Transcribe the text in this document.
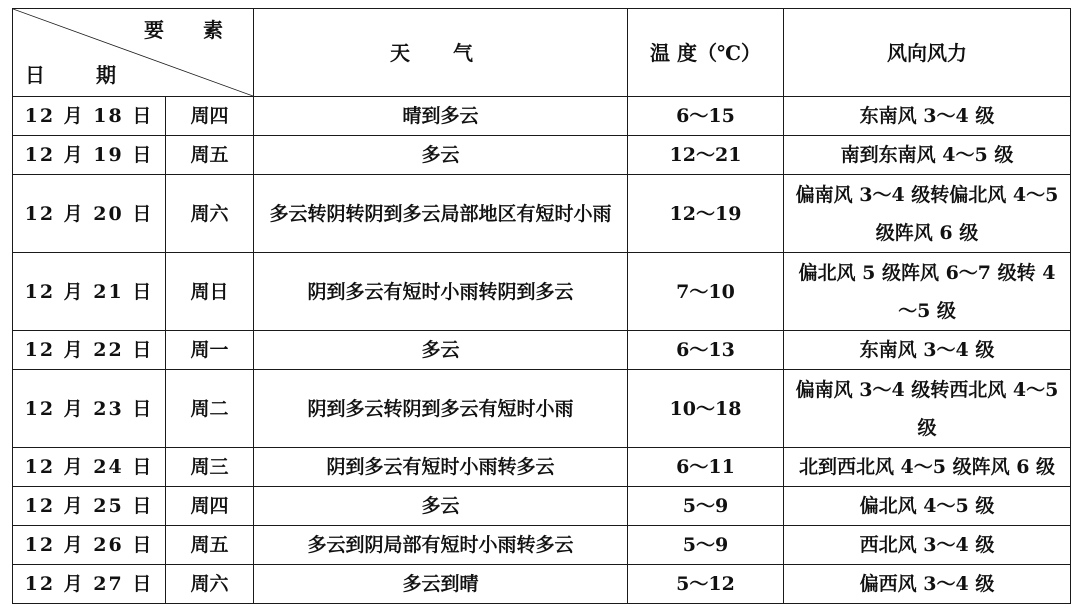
要 素
日 期		天 气	温 度（℃）	风向风力
12 月 18 日	周四	晴到多云	6～15	东南风 3～4 级
12 月 19 日	周五	多云	12～21	南到东南风 4～5 级
12 月 20 日	周六	多云转阴转阴到多云局部地区有短时小雨	12～19	偏南风 3～4 级转偏北风 4～5 级阵风 6 级
12 月 21 日	周日	阴到多云有短时小雨转阴到多云	7～10	偏北风 5 级阵风 6～7 级转 4～5 级
12 月 22 日	周一	多云	6～13	东南风 3～4 级
12 月 23 日	周二	阴到多云转阴到多云有短时小雨	10～18	偏南风 3～4 级转西北风 4～5 级
12 月 24 日	周三	阴到多云有短时小雨转多云	6～11	北到西北风 4～5 级阵风 6 级
12 月 25 日	周四	多云	5～9	偏北风 4～5 级
12 月 26 日	周五	多云到阴局部有短时小雨转多云	5～9	西北风 3～4 级
12 月 27 日	周六	多云到晴	5～12	偏西风 3～4 级
